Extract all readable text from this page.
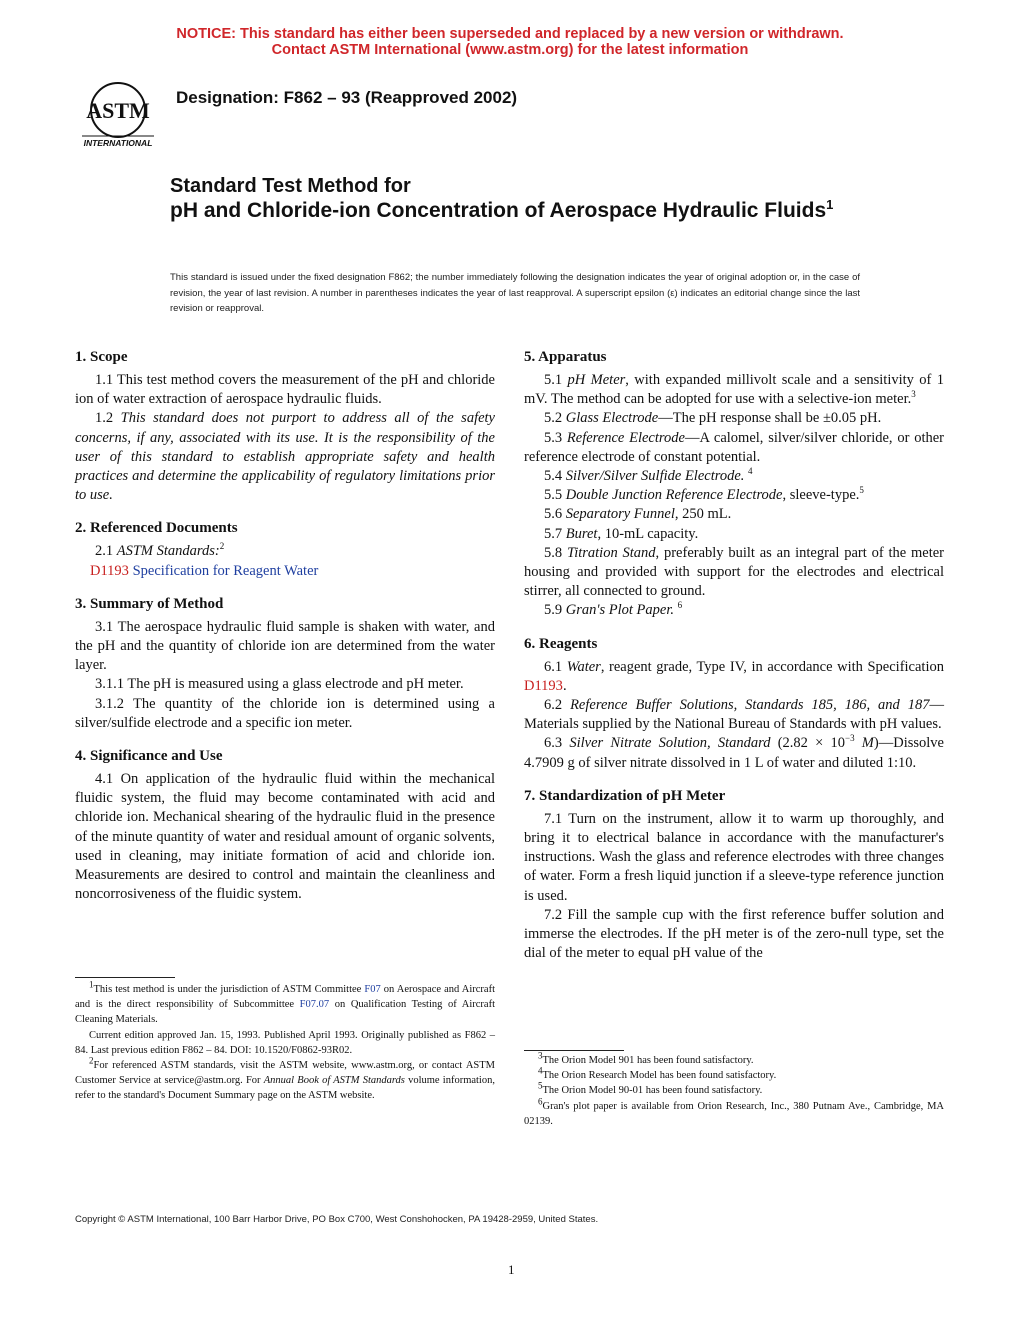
NOTICE: This standard has either been superseded and replaced by a new version or withdrawn.
Contact ASTM International (www.astm.org) for the latest information
ASTM
INTERNATIONAL
Designation: F862 – 93 (Reapproved 2002)
Standard Test Method for
pH and Chloride-ion Concentration of Aerospace Hydraulic Fluids$^1$
This standard is issued under the fixed designation F862; the number immediately following the designation indicates the year of original adoption or, in the case of revision, the year of last revision. A number in parentheses indicates the year of last reapproval. A superscript epsilon (ε) indicates an editorial change since the last revision or reapproval.
1. Scope

1.1 This test method covers the measurement of the pH and chloride ion of water extraction of aerospace hydraulic fluids.

1.2 This standard does not purport to address all of the safety concerns, if any, associated with its use. It is the responsibility of the user of this standard to establish appropriate safety and health practices and determine the applicability of regulatory limitations prior to use.

2. Referenced Documents

2.1 ASTM Standards:$^2$

D1193 Specification for Reagent Water

3. Summary of Method

3.1 The aerospace hydraulic fluid sample is shaken with water, and the pH and the quantity of chloride ion are determined from the water layer.

3.1.1 The pH is measured using a glass electrode and pH meter.

3.1.2 The quantity of the chloride ion is determined using a silver/sulfide electrode and a specific ion meter.

4. Significance and Use

4.1 On application of the hydraulic fluid within the mechanical fluidic system, the fluid may become contaminated with acid and chloride ion. Mechanical shearing of the hydraulic fluid in the presence of the minute quantity of water and residual amount of organic solvents, used in cleaning, may initiate formation of acid and chloride ion. Measurements are desired to control and maintain the cleanliness and noncorrosiveness of the fluidic system.

5. Apparatus

5.1 pH Meter, with expanded millivolt scale and a sensitivity of 1 mV. The method can be adopted for use with a selective-ion meter.$^3$

5.2 Glass Electrode—The pH response shall be ±0.05 pH.

5.3 Reference Electrode—A calomel, silver/silver chloride, or other reference electrode of constant potential.

5.4 Silver/Silver Sulfide Electrode. $^4$

5.5 Double Junction Reference Electrode, sleeve-type.$^5$

5.6 Separatory Funnel, 250 mL.

5.7 Buret, 10-mL capacity.

5.8 Titration Stand, preferably built as an integral part of the meter housing and provided with support for the electrodes and electrical stirrer, all connected to ground.

5.9 Gran's Plot Paper. $^6$

6. Reagents

6.1 Water, reagent grade, Type IV, in accordance with Specification D1193.

6.2 Reference Buffer Solutions, Standards 185, 186, and 187—Materials supplied by the National Bureau of Standards with pH values.

6.3 Silver Nitrate Solution, Standard ($2.82 \times 10^{-3}$ M)—Dissolve 4.7909 g of silver nitrate dissolved in 1 L of water and diluted 1:10.

7. Standardization of pH Meter

7.1 Turn on the instrument, allow it to warm up thoroughly, and bring it to electrical balance in accordance with the manufacturer's instructions. Wash the glass and reference electrodes with three changes of water. Form a fresh liquid junction if a sleeve-type reference junction is used.

7.2 Fill the sample cup with the first reference buffer solution and immerse the electrodes. If the pH meter is of the zero-null type, set the dial of the meter to equal pH value of the

$^1$This test method is under the jurisdiction of ASTM Committee F07 on Aerospace and Aircraft and is the direct responsibility of Subcommittee F07.07 on Qualification Testing of Aircraft Cleaning Materials.

Current edition approved Jan. 15, 1993. Published April 1993. Originally published as F862 – 84. Last previous edition F862 – 84. DOI: 10.1520/F0862-93R02.

$^2$For referenced ASTM standards, visit the ASTM website, www.astm.org, or contact ASTM Customer Service at service@astm.org. For Annual Book of ASTM Standards volume information, refer to the standard's Document Summary page on the ASTM website.

$^3$The Orion Model 901 has been found satisfactory.

$^4$The Orion Research Model has been found satisfactory.

$^5$The Orion Model 90-01 has been found satisfactory.

$^6$Gran's plot paper is available from Orion Research, Inc., 380 Putnam Ave., Cambridge, MA 02139.

Copyright © ASTM International, 100 Barr Harbor Drive, PO Box C700, West Conshohocken, PA 19428-2959, United States.
1
